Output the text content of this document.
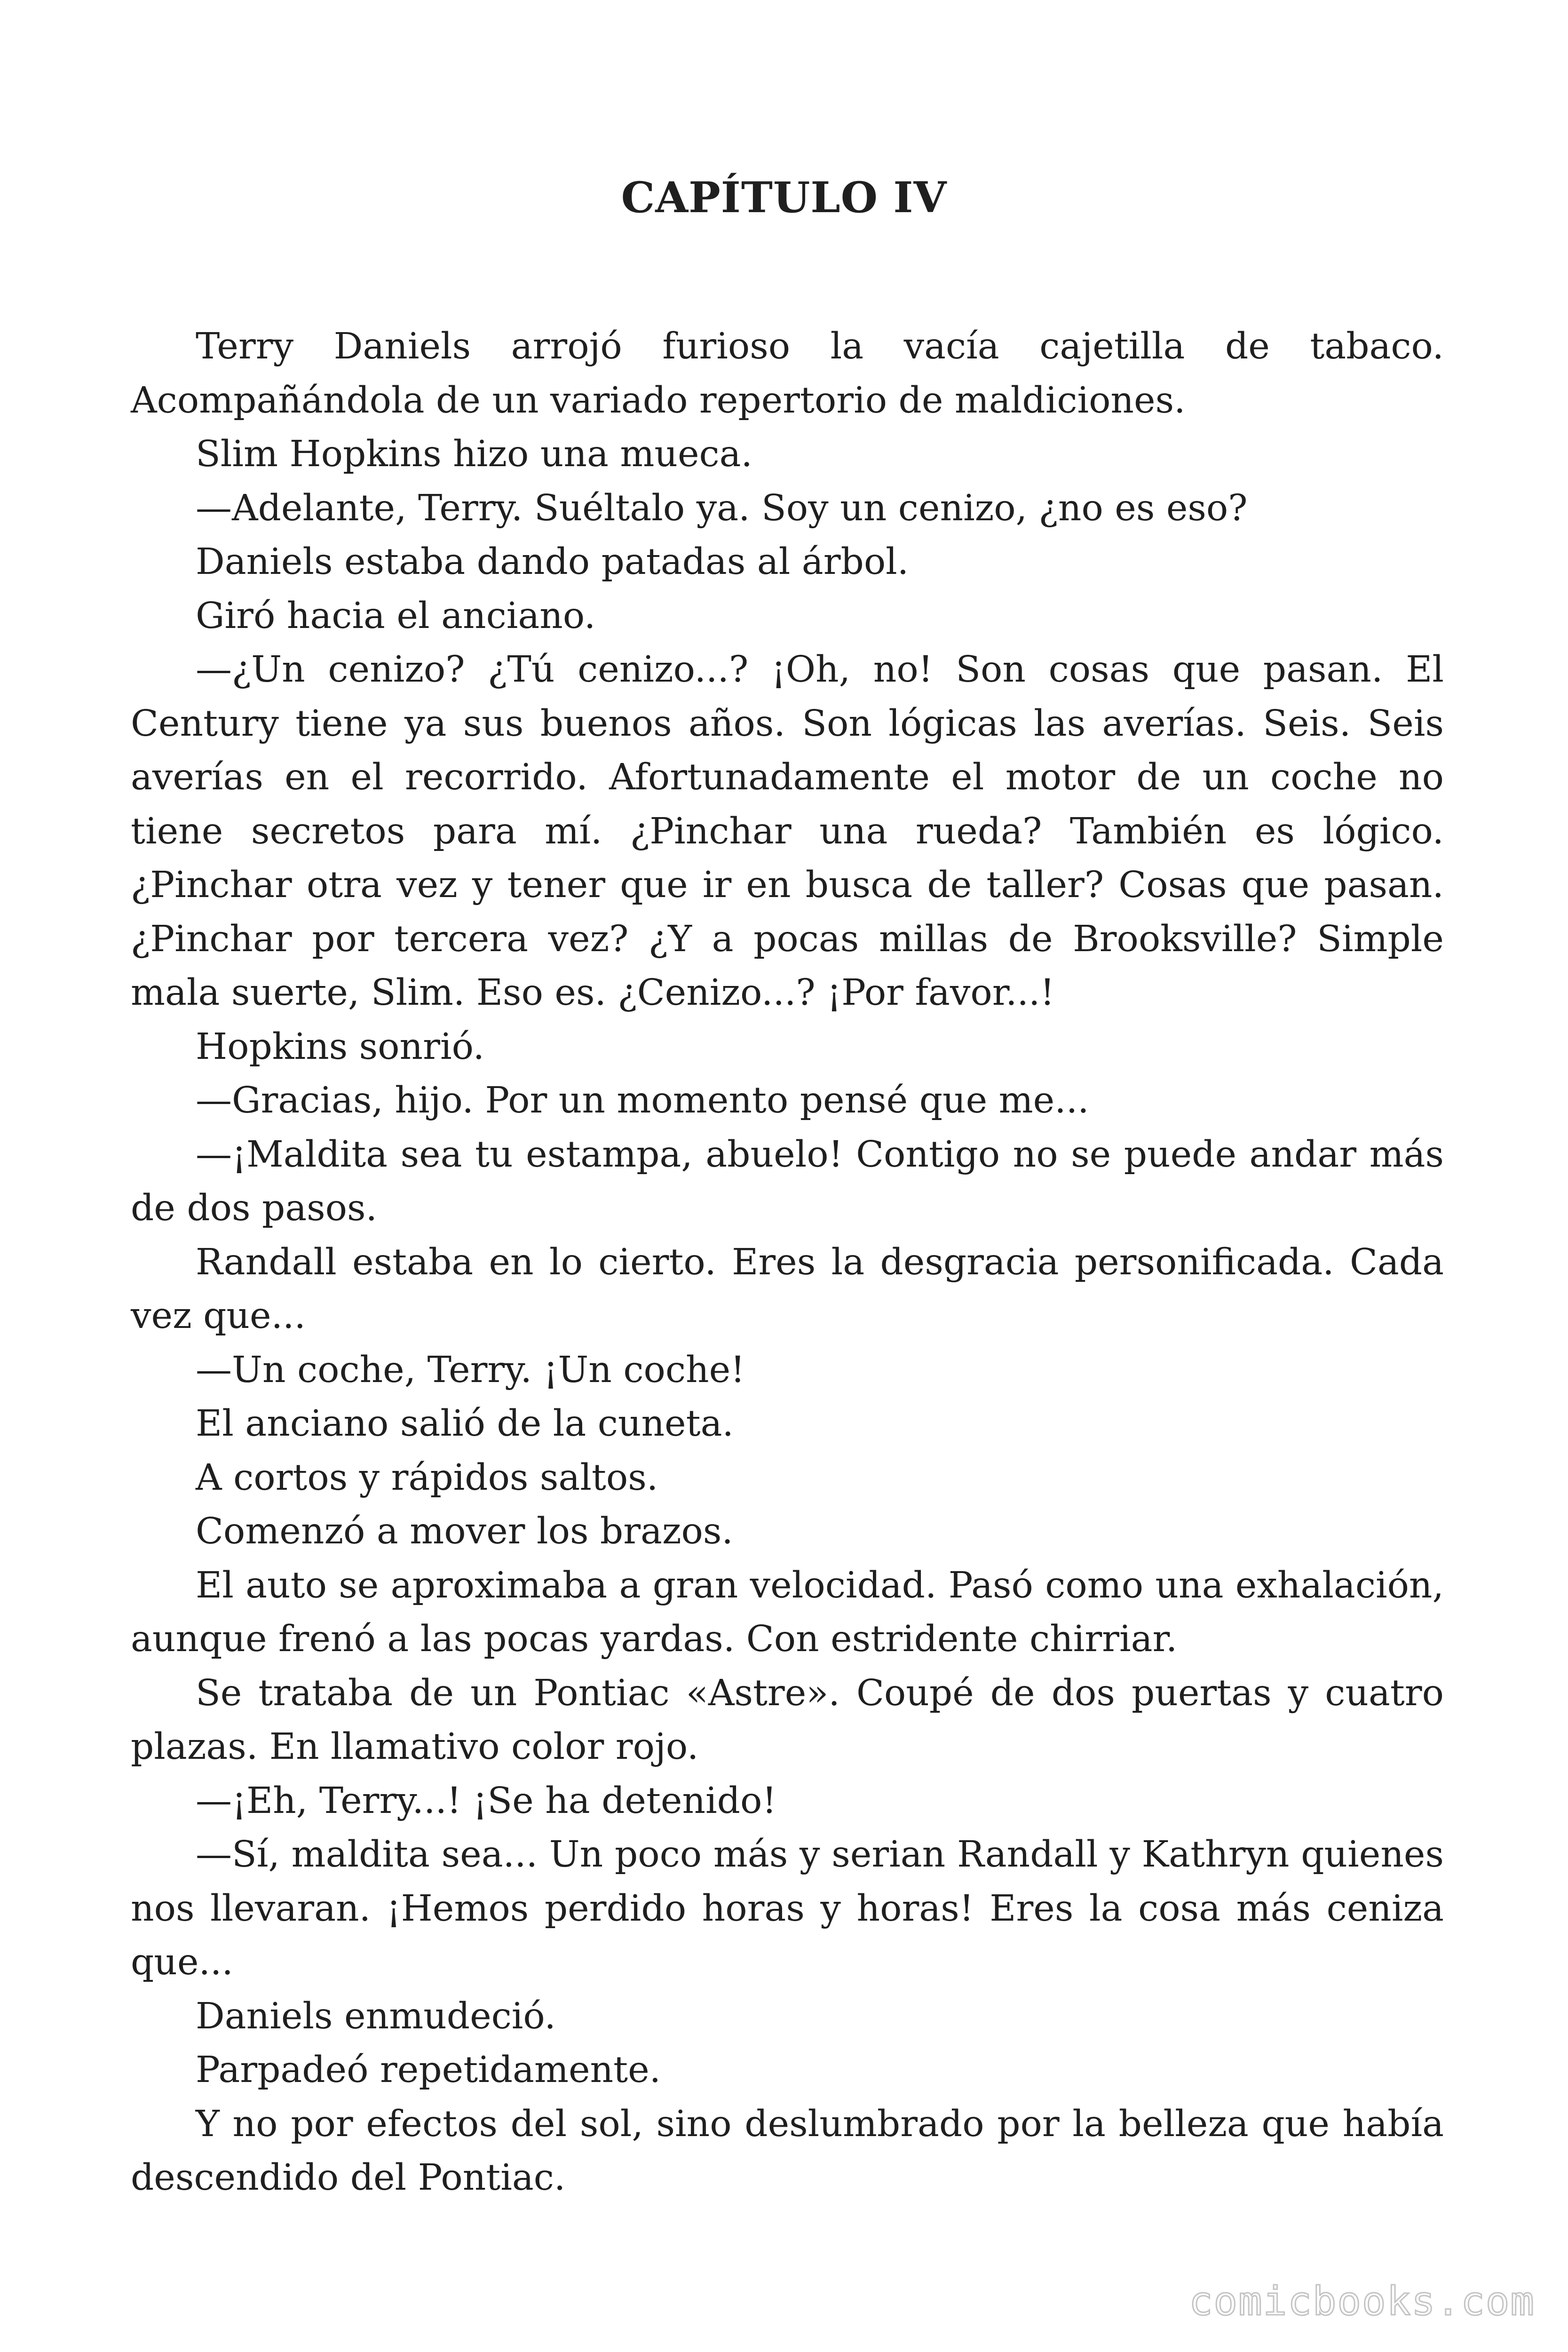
CAPÍTULO IV

Terry Daniels arrojó furioso la vacía cajetilla de tabaco. Acompañándola de un variado repertorio de maldiciones.

Slim Hopkins hizo una mueca.

—Adelante, Terry. Suéltalo ya. Soy un cenizo, ¿no es eso?

Daniels estaba dando patadas al árbol.

Giró hacia el anciano.

—¿Un cenizo? ¿Tú cenizo...? ¡Oh, no! Son cosas que pasan. El Century tiene ya sus buenos años. Son lógicas las averías. Seis. Seis averías en el recorrido. Afortunadamente el motor de un coche no tiene secretos para mí. ¿Pinchar una rueda? También es lógico. ¿Pinchar otra vez y tener que ir en busca de taller? Cosas que pasan. ¿Pinchar por tercera vez? ¿Y a pocas millas de Brooksville? Simple mala suerte, Slim. Eso es. ¿Cenizo...? ¡Por favor...!

Hopkins sonrió.

—Gracias, hijo. Por un momento pensé que me...

—¡Maldita sea tu estampa, abuelo! Contigo no se puede andar más de dos pasos.

Randall estaba en lo cierto. Eres la desgracia personificada. Cada vez que...

—Un coche, Terry. ¡Un coche!

El anciano salió de la cuneta.

A cortos y rápidos saltos.

Comenzó a mover los brazos.

El auto se aproximaba a gran velocidad. Pasó como una exhalación, aunque frenó a las pocas yardas. Con estridente chirriar.

Se trataba de un Pontiac «Astre». Coupé de dos puertas y cuatro plazas. En llamativo color rojo.

—¡Eh, Terry...! ¡Se ha detenido!

—Sí, maldita sea... Un poco más y serian Randall y Kathryn quienes nos llevaran. ¡Hemos perdido horas y horas! Eres la cosa más ceniza que...

Daniels enmudeció.

Parpadeó repetidamente.

Y no por efectos del sol, sino deslumbrado por la belleza que había descendido del Pontiac.

comicbooks.com
